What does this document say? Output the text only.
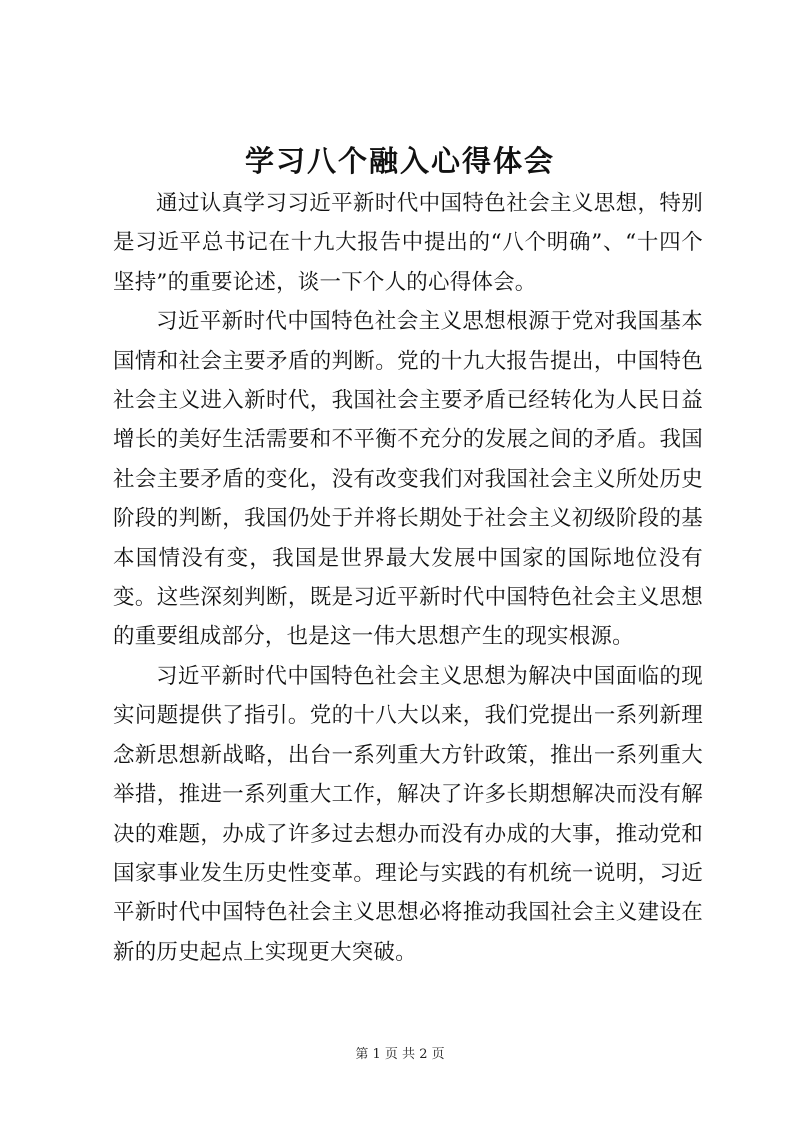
学习八个融入心得体会

通过认真学习习近平新时代中国特色社会主义思想，特别是习近平总书记在十九大报告中提出的“八个明确”、“十四个坚持”的重要论述，谈一下个人的心得体会。

习近平新时代中国特色社会主义思想根源于党对我国基本国情和社会主要矛盾的判断。党的十九大报告提出，中国特色社会主义进入新时代，我国社会主要矛盾已经转化为人民日益增长的美好生活需要和不平衡不充分的发展之间的矛盾。我国社会主要矛盾的变化，没有改变我们对我国社会主义所处历史阶段的判断，我国仍处于并将长期处于社会主义初级阶段的基本国情没有变，我国是世界最大发展中国家的国际地位没有变。这些深刻判断，既是习近平新时代中国特色社会主义思想的重要组成部分，也是这一伟大思想产生的现实根源。

习近平新时代中国特色社会主义思想为解决中国面临的现实问题提供了指引。党的十八大以来，我们党提出一系列新理念新思想新战略，出台一系列重大方针政策，推出一系列重大举措，推进一系列重大工作，解决了许多长期想解决而没有解决的难题，办成了许多过去想办而没有办成的大事，推动党和国家事业发生历史性变革。理论与实践的有机统一说明，习近平新时代中国特色社会主义思想必将推动我国社会主义建设在新的历史起点上实现更大突破。

第 1 页 共 2 页
